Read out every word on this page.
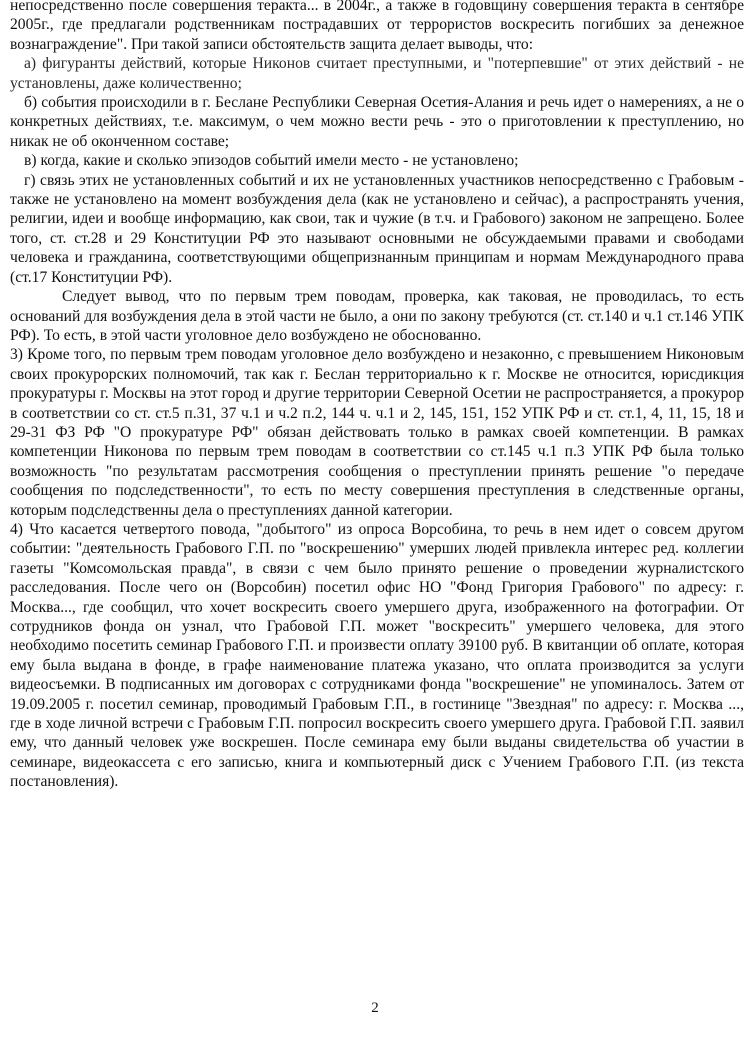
непосредственно после совершения теракта... в 2004г., а также в годовщину совершения теракта в сентябре 2005г., где предлагали родственникам пострадавших от террористов воскресить погибших за денежное вознаграждение". При такой записи обстоятельств защита делает выводы, что:

а) фигуранты действий, которые Никонов считает преступными, и "потерпевшие" от этих действий - не установлены, даже количественно;

б) события происходили в г. Беслане Республики Северная Осетия-Алания и речь идет о намерениях, а не о конкретных действиях, т.е. максимум, о чем можно вести речь - это о приготовлении к преступлению, но никак не об оконченном составе;

в) когда, какие и сколько эпизодов событий имели место - не установлено;

г) связь этих не установленных событий и их не установленных участников непосредственно с Грабовым - также не установлено на момент возбуждения дела (как не установлено и сейчас), а распространять учения, религии, идеи и вообще информацию, как свои, так и чужие (в т.ч. и Грабового) законом не запрещено. Более того, ст. ст.28 и 29 Конституции РФ это называют основными не обсуждаемыми правами и свободами человека и гражданина, соответствующими общепризнанным принципам и нормам Международного права (ст.17 Конституции РФ).

Следует вывод, что по первым трем поводам, проверка, как таковая, не проводилась, то есть оснований для возбуждения дела в этой части не было, а они по закону требуются (ст. ст.140 и ч.1 ст.146 УПК РФ). То есть, в этой части уголовное дело возбуждено не обоснованно.

3) Кроме того, по первым трем поводам уголовное дело возбуждено и незаконно, с превышением Никоновым своих прокурорских полномочий, так как г. Беслан территориально к г. Москве не относится, юрисдикция прокуратуры г. Москвы на этот город и другие территории Северной Осетии не распространяется, а прокурор в соответствии со ст. ст.5 п.31, 37 ч.1 и ч.2 п.2, 144 ч. ч.1 и 2, 145, 151, 152 УПК РФ и ст. ст.1, 4, 11, 15, 18 и 29-31 ФЗ РФ "О прокуратуре РФ" обязан действовать только в рамках своей компетенции. В рамках компетенции Никонова по первым трем поводам в соответствии со ст.145 ч.1 п.3 УПК РФ была только возможность "по результатам рассмотрения сообщения о преступлении принять решение "о передаче сообщения по подследственности", то есть по месту совершения преступления в следственные органы, которым подследственны дела о преступлениях данной категории.

4) Что касается четвертого повода, "добытого" из опроса Ворсобина, то речь в нем идет о совсем другом событии: "деятельность Грабового Г.П. по "воскрешению" умерших людей привлекла интерес ред. коллегии газеты "Комсомольская правда", в связи с чем было принято решение о проведении журналистского расследования. После чего он (Ворсобин) посетил офис НО "Фонд Григория Грабового" по адресу: г. Москва..., где сообщил, что хочет воскресить своего умершего друга, изображенного на фотографии. От сотрудников фонда он узнал, что Грабовой Г.П. может "воскресить" умершего человека, для этого необходимо посетить семинар Грабового Г.П. и произвести оплату 39100 руб. В квитанции об оплате, которая ему была выдана в фонде, в графе наименование платежа указано, что оплата производится за услуги видеосъемки. В подписанных им договорах с сотрудниками фонда "воскрешение" не упоминалось. Затем от 19.09.2005 г. посетил семинар, проводимый Грабовым Г.П., в гостинице "Звездная" по адресу: г. Москва ..., где в ходе личной встречи с Грабовым Г.П. попросил воскресить своего умершего друга. Грабовой Г.П. заявил ему, что данный человек уже воскрешен. После семинара ему были выданы свидетельства об участии в семинаре, видеокассета с его записью, книга и компьютерный диск с Учением Грабового Г.П. (из текста постановления).

2
